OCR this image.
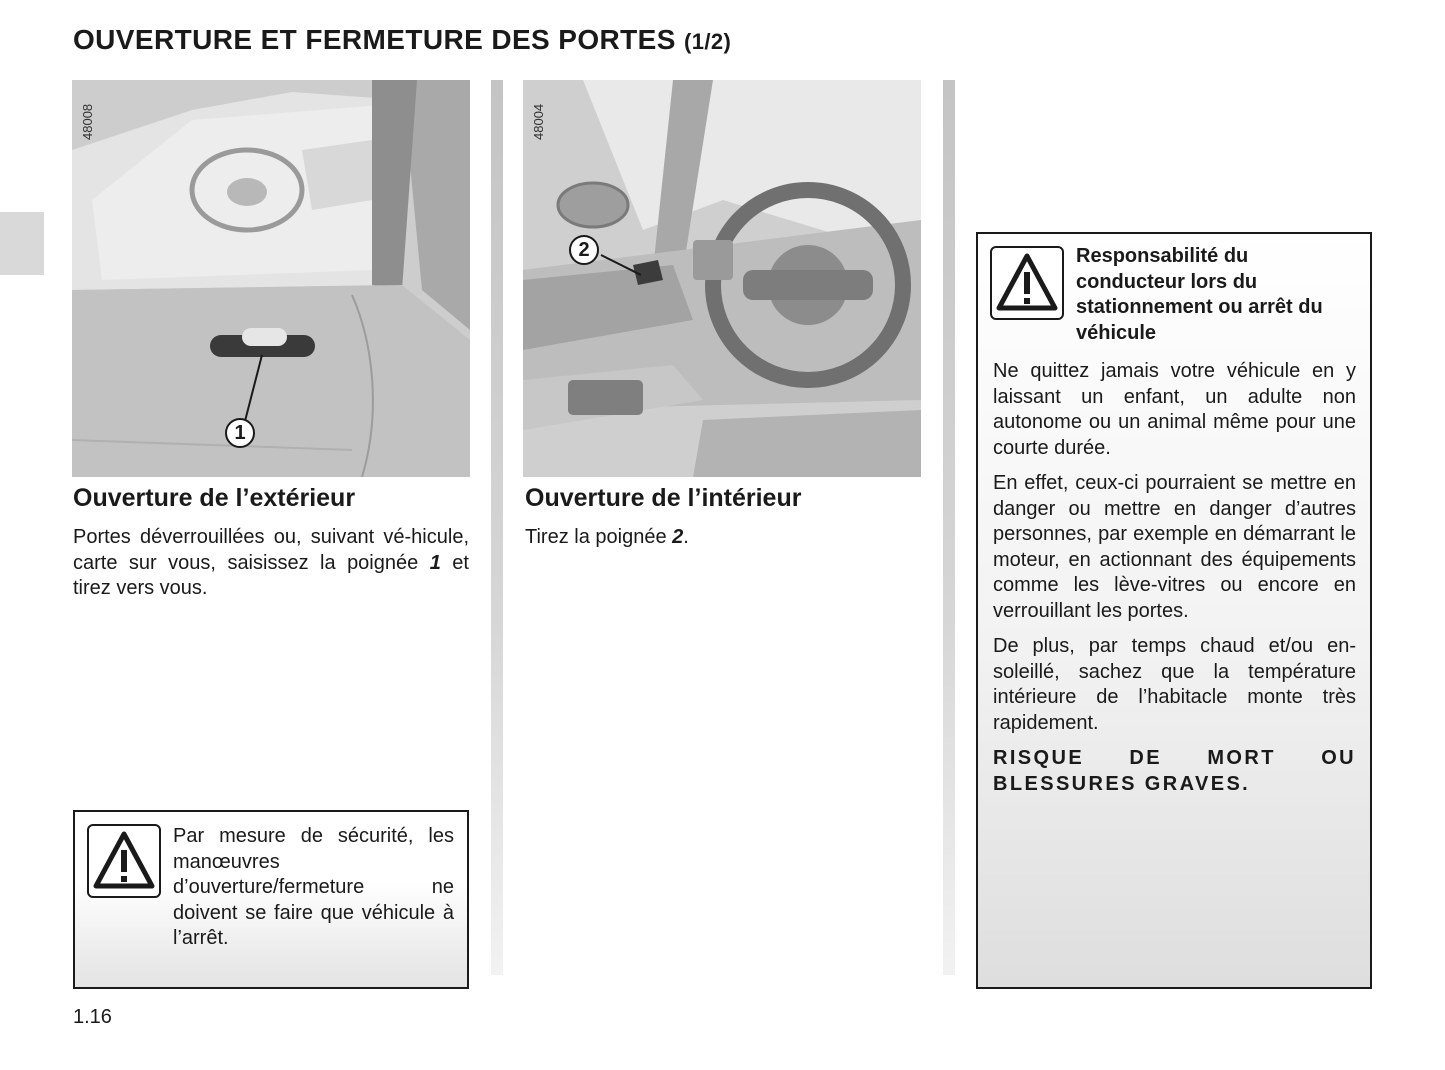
OUVERTURE ET FERMETURE DES PORTES (1/2)
48008
1
48004
2
Ouverture de l’extérieur
Portes déverrouillées ou, suivant vé-hicule, carte sur vous, saisissez la poignée 1 et tirez vers vous.
Ouverture de l’intérieur
Tirez la poignée 2.
Par mesure de sécurité, les manœuvres d’ouverture/fermeture ne doivent se faire que véhicule à l’arrêt.
Responsabilité du conducteur lors du stationnement ou arrêt du véhicule

Ne quittez jamais votre véhicule en y laissant un enfant, un adulte non autonome ou un animal même pour une courte durée.

En effet, ceux-ci pourraient se mettre en danger ou mettre en danger d’autres personnes, par exemple en démarrant le moteur, en actionnant des équipements comme les lève-vitres ou encore en verrouillant les portes.

De plus, par temps chaud et/ou en-soleillé, sachez que la température intérieure de l’habitacle monte très rapidement.

RISQUE DE MORT OU BLESSURES GRAVES.

1.16
